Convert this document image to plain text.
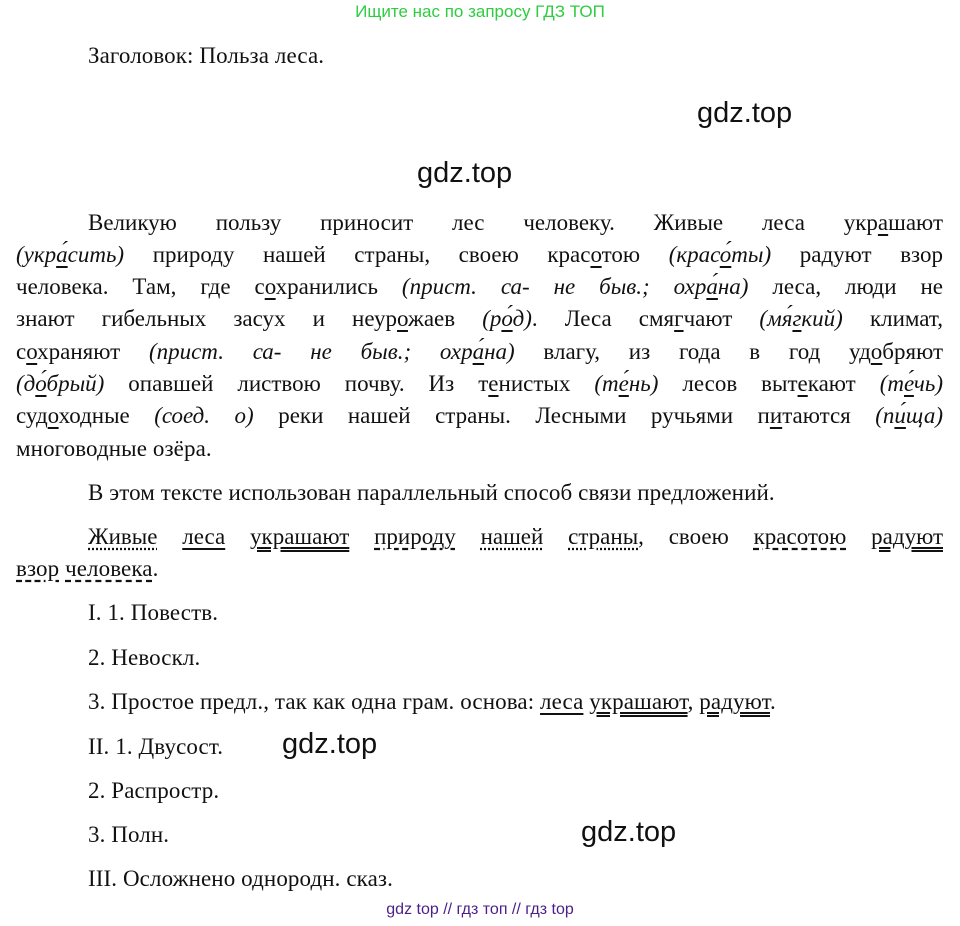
Ищите нас по запросу ГДЗ ТОП
Заголовок: Польза леса.
gdz.top
gdz.top
Великую пользу приносит лес человеку. Живые леса украшают
(укра́сить) природу нашей страны, своею красотою (красо́ты) радуют взор
человека. Там, где сохранились (прист. са- не быв.; охра́на) леса, люди не
знают гибельных засух и неурожаев (ро́д). Леса смягчают (мя́гкий) климат,
сохраняют (прист. са- не быв.; охра́на) влагу, из года в год удобряют
(до́брый) опавшей листвою почву. Из тенистых (те́нь) лесов вытекают (те́чь)
судоходные (соед. о) реки нашей страны. Лесными ручьями питаются (пи́ща)
многоводные озёра.
В этом тексте использован параллельный способ связи предложений.
Живые леса украшают природу нашей страны, своею красотою радуют
взор человека.
I. 1. Повеств.
2. Невоскл.
3. Простое предл., так как одна грам. основа: леса украшают, радуют.
II. 1. Двусост. gdz.top
2. Распростр.
3. Полн.	gdz.top
III. Осложнено однородн. сказ.
gdz top // гдз топ // гдз top
